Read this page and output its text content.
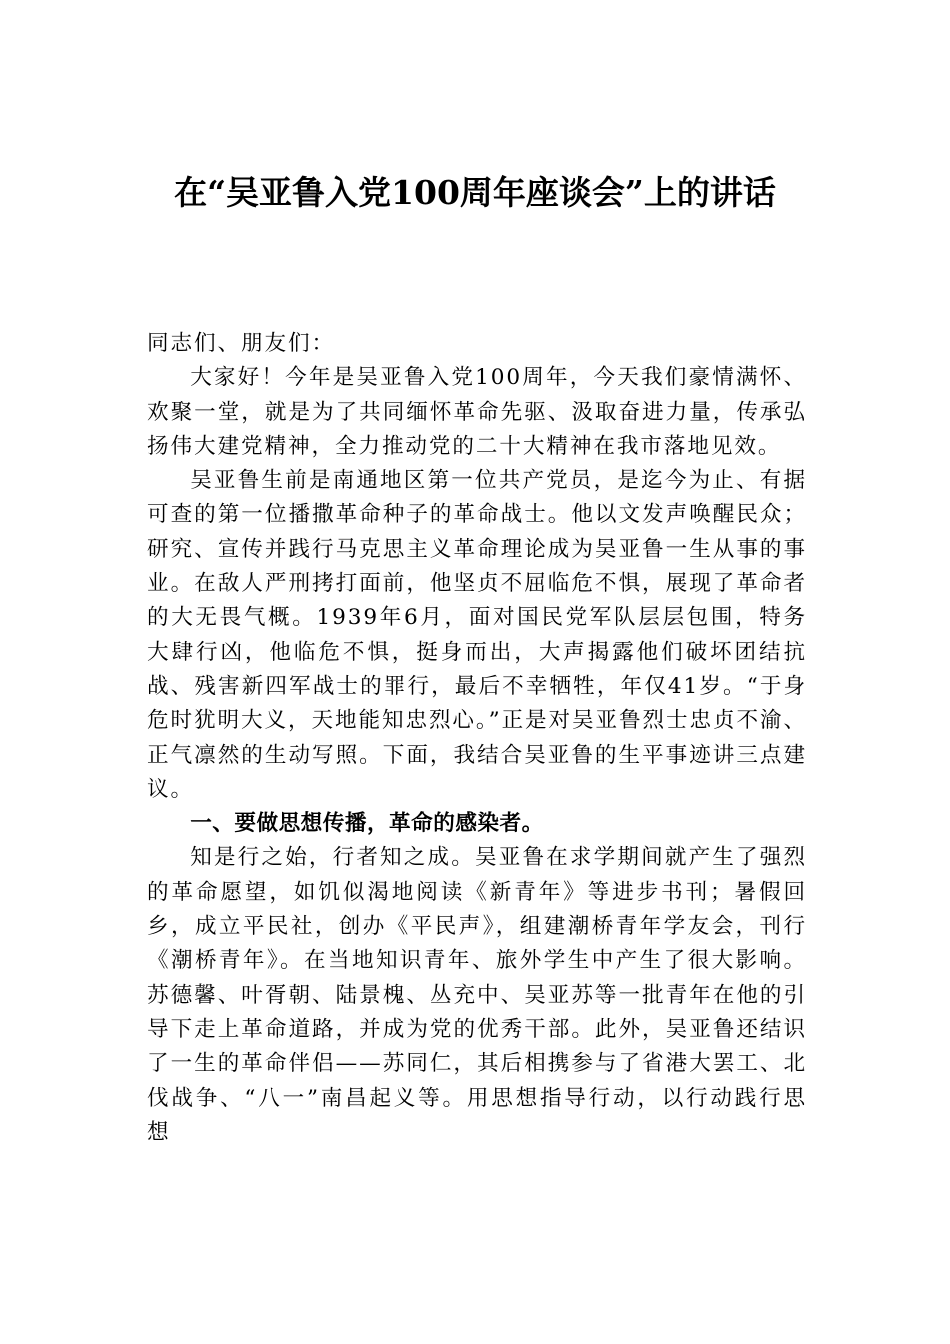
在“吴亚鲁入党100周年座谈会”上的讲话

同志们、朋友们：

大家好！今年是吴亚鲁入党100周年，今天我们豪情满怀、欢聚一堂，就是为了共同缅怀革命先驱、汲取奋进力量，传承弘扬伟大建党精神，全力推动党的二十大精神在我市落地见效。

吴亚鲁生前是南通地区第一位共产党员，是迄今为止、有据可查的第一位播撒革命种子的革命战士。他以文发声唤醒民众；研究、宣传并践行马克思主义革命理论成为吴亚鲁一生从事的事业。在敌人严刑拷打面前，他坚贞不屈临危不惧，展现了革命者的大无畏气概。1939年6月，面对国民党军队层层包围，特务大肆行凶，他临危不惧，挺身而出，大声揭露他们破坏团结抗战、残害新四军战士的罪行，最后不幸牺牲，年仅41岁。“于身危时犹明大义，天地能知忠烈心。”正是对吴亚鲁烈士忠贞不渝、正气凛然的生动写照。下面，我结合吴亚鲁的生平事迹讲三点建议。

一、要做思想传播，革命的感染者。

知是行之始，行者知之成。吴亚鲁在求学期间就产生了强烈的革命愿望，如饥似渴地阅读《新青年》等进步书刊；暑假回乡，成立平民社，创办《平民声》，组建潮桥青年学友会，刊行《潮桥青年》。在当地知识青年、旅外学生中产生了很大影响。苏德馨、叶胥朝、陆景槐、丛充中、吴亚苏等一批青年在他的引导下走上革命道路，并成为党的优秀干部。此外，吴亚鲁还结识了一生的革命伴侣——苏同仁，其后相携参与了省港大罢工、北伐战争、“八一”南昌起义等。用思想指导行动，以行动践行思想
